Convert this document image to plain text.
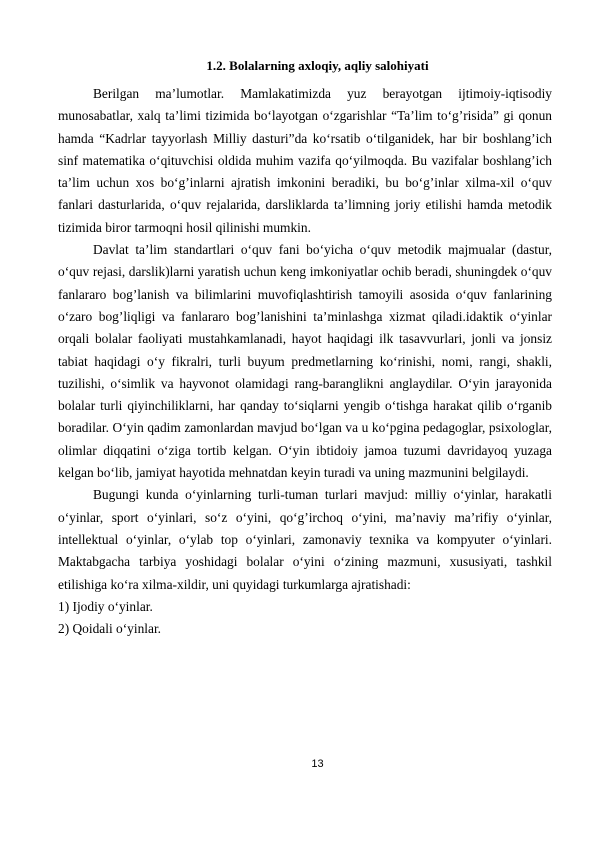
1.2. Bolalarning axloqiy, aqliy salohiyati

Berilgan ma’lumotlar. Mamlakatimizda yuz berayotgan ijtimoiy-iqtisodiy munosabatlar, xalq ta’limi tizimida bo‘layotgan o‘zgarishlar “Ta’lim to‘g’risida” gi qonun hamda “Kadrlar tayyorlash Milliy dasturi”da ko‘rsatib o‘tilganidek, har bir boshlang’ich sinf matematika o‘qituvchisi oldida muhim vazifa qo‘yilmoqda. Bu vazifalar boshlang’ich ta’lim uchun xos bo‘g’inlarni ajratish imkonini beradiki, bu bo‘g’inlar xilma-xil o‘quv fanlari dasturlarida, o‘quv rejalarida, darsliklarda ta’limning joriy etilishi hamda metodik tizimida biror tarmoqni hosil qilinishi mumkin.

Davlat ta’lim standartlari o‘quv fani bo‘yicha o‘quv metodik majmualar (dastur, o‘quv rejasi, darslik)larni yaratish uchun keng imkoniyatlar ochib beradi, shuningdek o‘quv fanlararo bog’lanish va bilimlarini muvofiqlashtirish tamoyili asosida o‘quv fanlarining o‘zaro bog’liqligi va fanlararo bog’lanishini ta’minlashga xizmat qiladi.idaktik o‘yinlar orqali bolalar faoliyati mustahkamlanadi, hayot haqidagi ilk tasavvurlari, jonli va jonsiz tabiat haqidagi o‘y fikralri, turli buyum predmetlarning ko‘rinishi, nomi, rangi, shakli, tuzilishi, o‘simlik va hayvonot olamidagi rang-baranglikni anglaydilar. O‘yin jarayonida bolalar turli qiyinchiliklarni, har qanday to‘siqlarni yengib o‘tishga harakat qilib o‘rganib boradilar. O‘yin qadim zamonlardan mavjud bo‘lgan va u ko‘pgina pedagoglar, psixologlar, olimlar diqqatini o‘ziga tortib kelgan. O‘yin ibtidoiy jamoa tuzumi davridayoq yuzaga kelgan bo‘lib, jamiyat hayotida mehnatdan keyin turadi va uning mazmunini belgilaydi.

Bugungi kunda o‘yinlarning turli-tuman turlari mavjud: milliy o‘yinlar, harakatli o‘yinlar, sport o‘yinlari, so‘z o‘yini, qo‘g’irchoq o‘yini, ma’naviy ma’rifiy o‘yinlar, intellektual o‘yinlar, o‘ylab top o‘yinlari, zamonaviy texnika va kompyuter o‘yinlari. Maktabgacha tarbiya yoshidagi bolalar o‘yini o‘zining mazmuni, xususiyati, tashkil etilishiga ko‘ra xilma-xildir, uni quyidagi turkumlarga ajratishadi:

1) Ijodiy o‘yinlar.

2) Qoidali o‘yinlar.

13
